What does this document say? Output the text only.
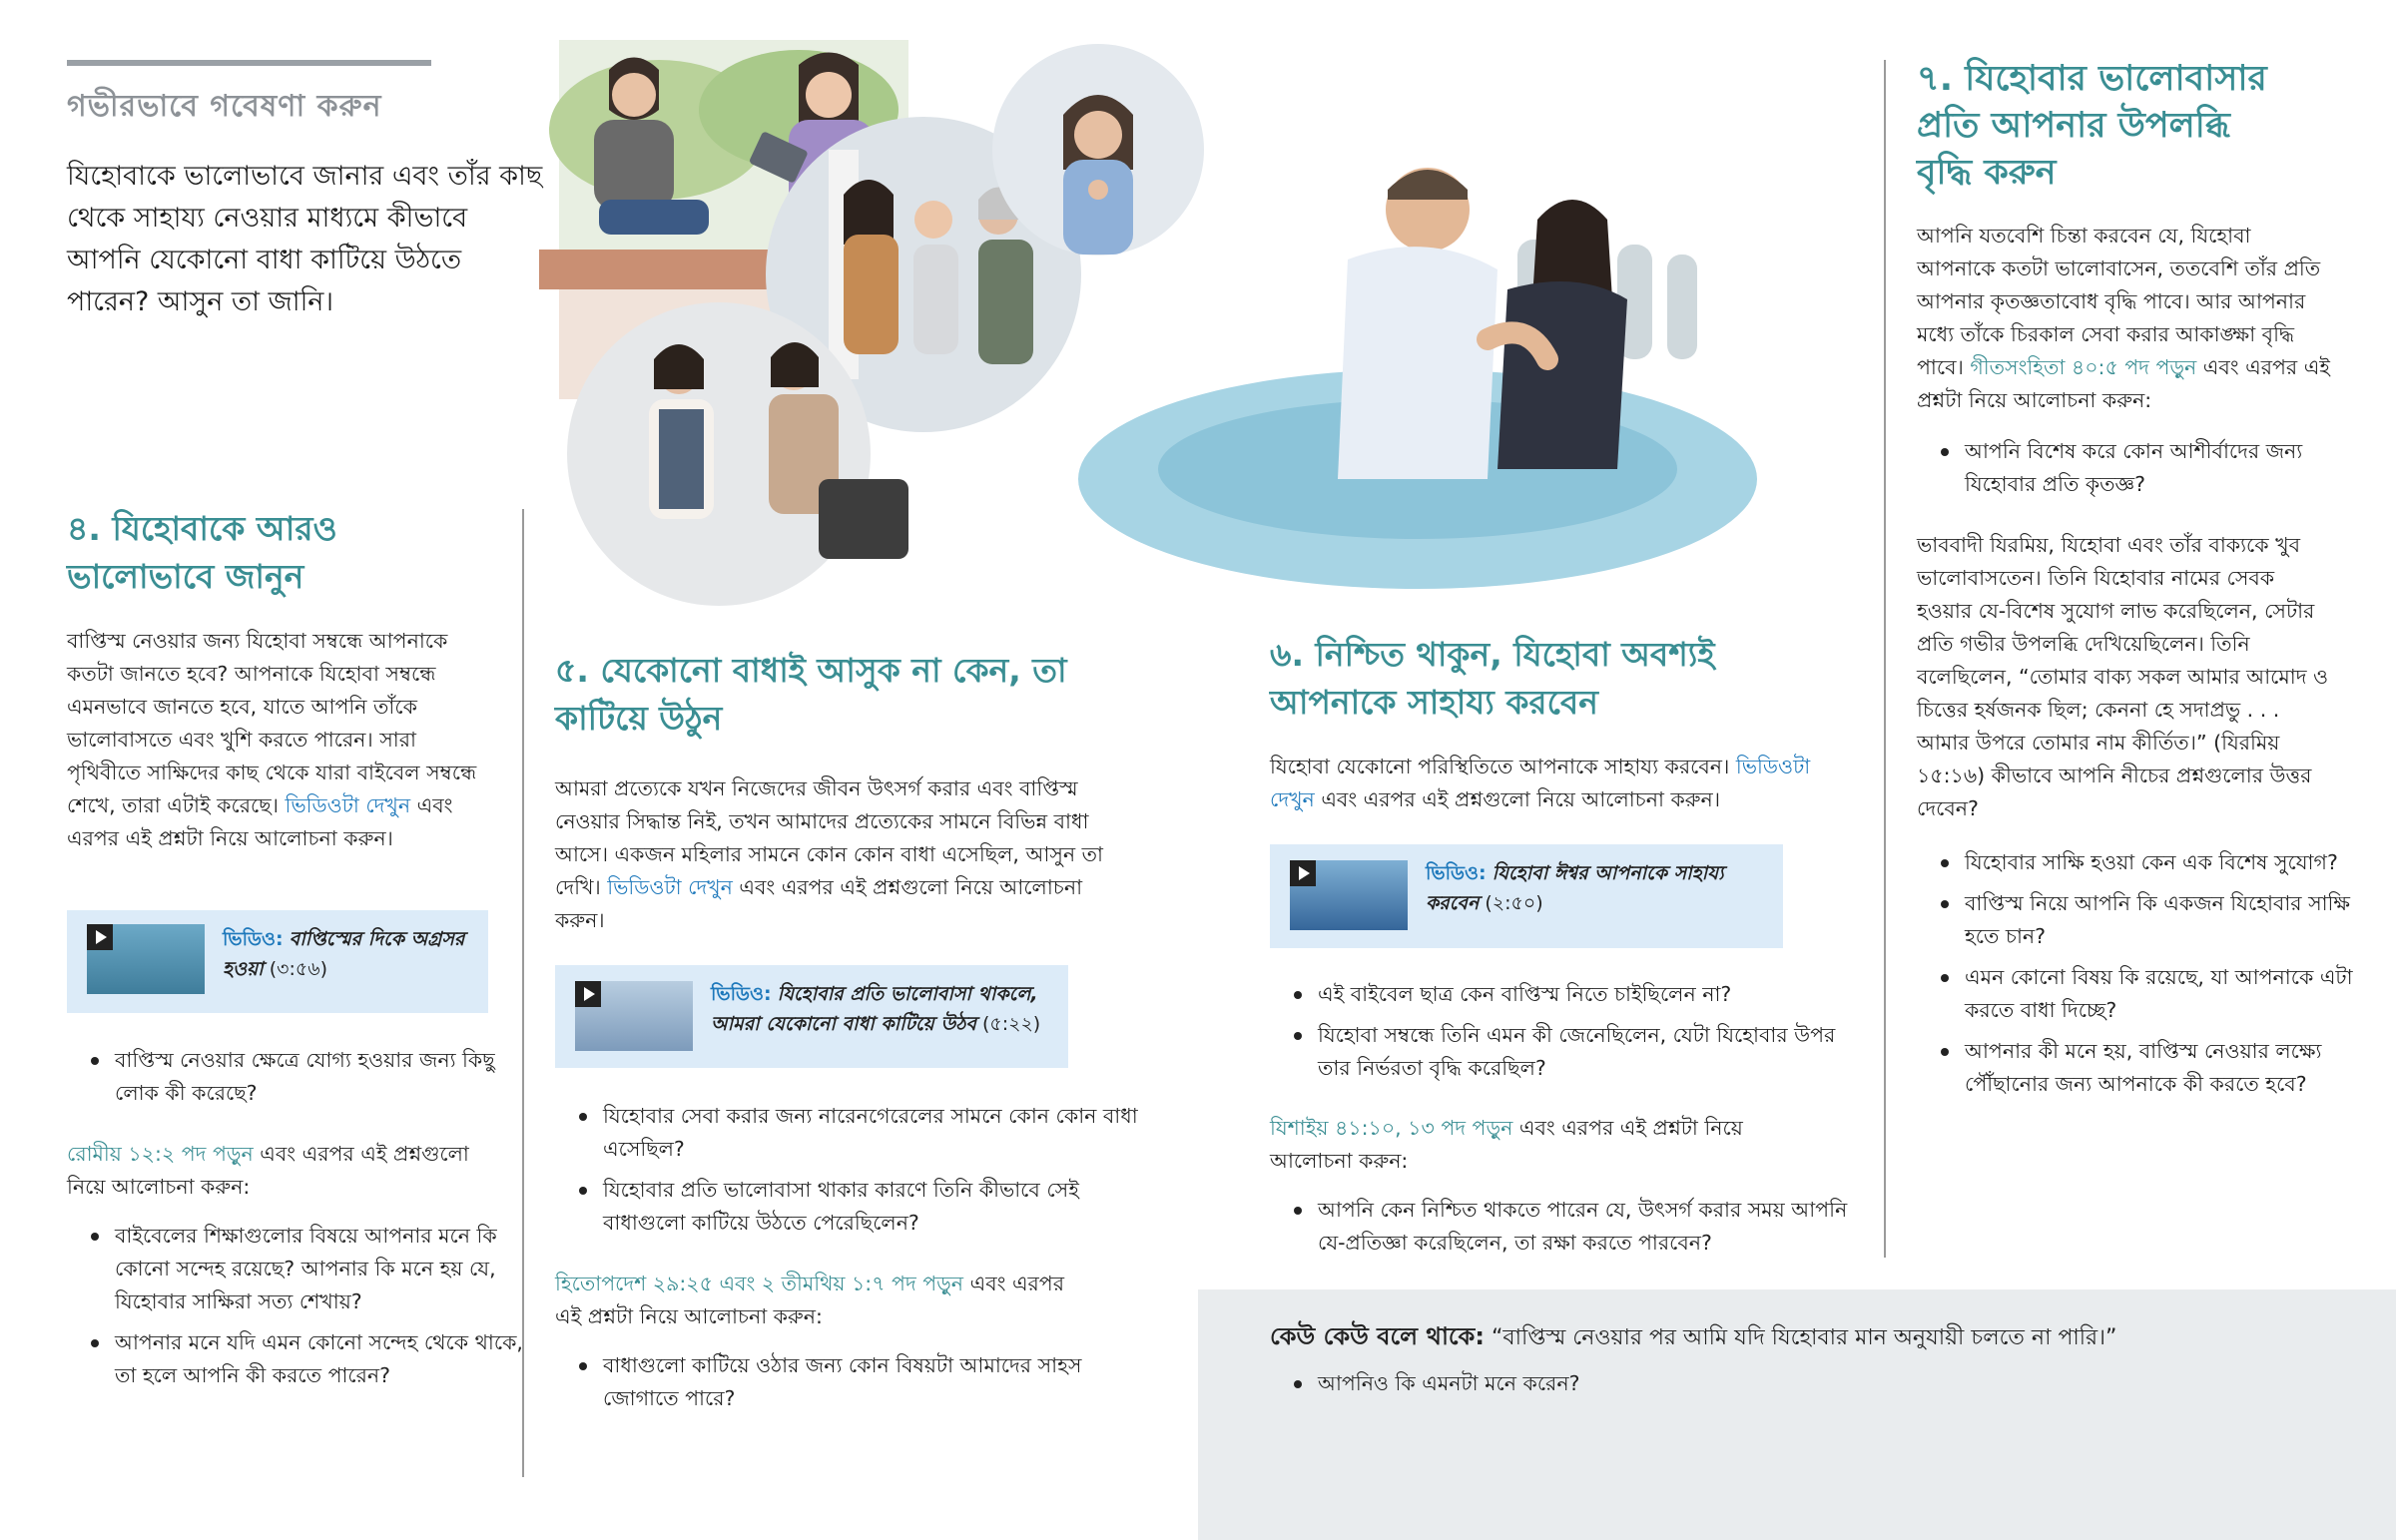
গভীরভাবে গবেষণা করুন

যিহোবাকে ভালোভাবে জানার এবং তাঁর কাছ থেকে সাহায্য নেওয়ার মাধ্যমে কীভাবে আপনি যেকোনো বাধা কাটিয়ে উঠতে পারেন? আসুন তা জানি।

৪. যিহোবাকে আরও ভালোভাবে জানুন

বাপ্তিস্ম নেওয়ার জন্য যিহোবা সম্বন্ধে আপনাকে কতটা জানতে হবে? আপনাকে যিহোবা সম্বন্ধে এমনভাবে জানতে হবে, যাতে আপনি তাঁকে ভালোবাসতে এবং খুশি করতে পারেন। সারা পৃথিবীতে সাক্ষিদের কাছ থেকে যারা বাইবেল সম্বন্ধে শেখে, তারা এটাই করেছে। ভিডিওটা দেখুন এবং এরপর এই প্রশ্নটা নিয়ে আলোচনা করুন।

ভিডিও: বাপ্তিস্মের দিকে অগ্রসর হওয়া (৩:৫৬)
বাপ্তিস্ম নেওয়ার ক্ষেত্রে যোগ্য হওয়ার জন্য কিছু লোক কী করেছে?

রোমীয় ১২:২ পদ পড়ুন এবং এরপর এই প্রশ্নগুলো নিয়ে আলোচনা করুন:

বাইবেলের শিক্ষাগুলোর বিষয়ে আপনার মনে কি কোনো সন্দেহ রয়েছে? আপনার কি মনে হয় যে, যিহোবার সাক্ষিরা সত্য শেখায়?
আপনার মনে যদি এমন কোনো সন্দেহ থেকে থাকে, তা হলে আপনি কী করতে পারেন?
৫. যেকোনো বাধাই আসুক না কেন, তা কাটিয়ে উঠুন

আমরা প্রত্যেকে যখন নিজেদের জীবন উৎসর্গ করার এবং বাপ্তিস্ম নেওয়ার সিদ্ধান্ত নিই, তখন আমাদের প্রত্যেকের সামনে বিভিন্ন বাধা আসে। একজন মহিলার সামনে কোন কোন বাধা এসেছিল, আসুন তা দেখি। ভিডিওটা দেখুন এবং এরপর এই প্রশ্নগুলো নিয়ে আলোচনা করুন।

ভিডিও: যিহোবার প্রতি ভালোবাসা থাকলে, আমরা যেকোনো বাধা কাটিয়ে উঠব (৫:২২)
যিহোবার সেবা করার জন্য নারেনগেরেলের সামনে কোন কোন বাধা এসেছিল?
যিহোবার প্রতি ভালোবাসা থাকার কারণে তিনি কীভাবে সেই বাধাগুলো কাটিয়ে উঠতে পেরেছিলেন?

হিতোপদেশ ২৯:২৫ এবং ২ তীমথিয় ১:৭ পদ পড়ুন এবং এরপর এই প্রশ্নটা নিয়ে আলোচনা করুন:

বাধাগুলো কাটিয়ে ওঠার জন্য কোন বিষয়টা আমাদের সাহস জোগাতে পারে?
৬. নিশ্চিত থাকুন, যিহোবা অবশ্যই আপনাকে সাহায্য করবেন

যিহোবা যেকোনো পরিস্থিতিতে আপনাকে সাহায্য করবেন। ভিডিওটা দেখুন এবং এরপর এই প্রশ্নগুলো নিয়ে আলোচনা করুন।

ভিডিও: যিহোবা ঈশ্বর আপনাকে সাহায্য করবেন (২:৫০)
এই বাইবেল ছাত্র কেন বাপ্তিস্ম নিতে চাইছিলেন না?
যিহোবা সম্বন্ধে তিনি এমন কী জেনেছিলেন, যেটা যিহোবার উপর তার নির্ভরতা বৃদ্ধি করেছিল?

যিশাইয় ৪১:১০, ১৩ পদ পড়ুন এবং এরপর এই প্রশ্নটা নিয়ে আলোচনা করুন:

আপনি কেন নিশ্চিত থাকতে পারেন যে, উৎসর্গ করার সময় আপনি যে-প্রতিজ্ঞা করেছিলেন, তা রক্ষা করতে পারবেন?
৭. যিহোবার ভালোবাসার প্রতি আপনার উপলব্ধি বৃদ্ধি করুন

আপনি যতবেশি চিন্তা করবেন যে, যিহোবা আপনাকে কতটা ভালোবাসেন, ততবেশি তাঁর প্রতি আপনার কৃতজ্ঞতাবোধ বৃদ্ধি পাবে। আর আপনার মধ্যে তাঁকে চিরকাল সেবা করার আকাঙ্ক্ষা বৃদ্ধি পাবে। গীতসংহিতা ৪০:৫ পদ পড়ুন এবং এরপর এই প্রশ্নটা নিয়ে আলোচনা করুন:

আপনি বিশেষ করে কোন আশীর্বাদের জন্য যিহোবার প্রতি কৃতজ্ঞ?

ভাববাদী যিরমিয়, যিহোবা এবং তাঁর বাক্যকে খুব ভালোবাসতেন। তিনি যিহোবার নামের সেবক হওয়ার যে-বিশেষ সুযোগ লাভ করেছিলেন, সেটার প্রতি গভীর উপলব্ধি দেখিয়েছিলেন। তিনি বলেছিলেন, “তোমার বাক্য সকল আমার আমোদ ও চিত্তের হর্ষজনক ছিল; কেননা হে সদাপ্রভু . . . আমার উপরে তোমার নাম কীর্তিত।” (যিরমিয় ১৫:১৬) কীভাবে আপনি নীচের প্রশ্নগুলোর উত্তর দেবেন?

যিহোবার সাক্ষি হওয়া কেন এক বিশেষ সুযোগ?
বাপ্তিস্ম নিয়ে আপনি কি একজন যিহোবার সাক্ষি হতে চান?
এমন কোনো বিষয় কি রয়েছে, যা আপনাকে এটা করতে বাধা দিচ্ছে?
আপনার কী মনে হয়, বাপ্তিস্ম নেওয়ার লক্ষ্যে পৌঁছানোর জন্য আপনাকে কী করতে হবে?

কেউ কেউ বলে থাকে: “বাপ্তিস্ম নেওয়ার পর আমি যদি যিহোবার মান অনুযায়ী চলতে না পারি।”

আপনিও কি এমনটা মনে করেন?
